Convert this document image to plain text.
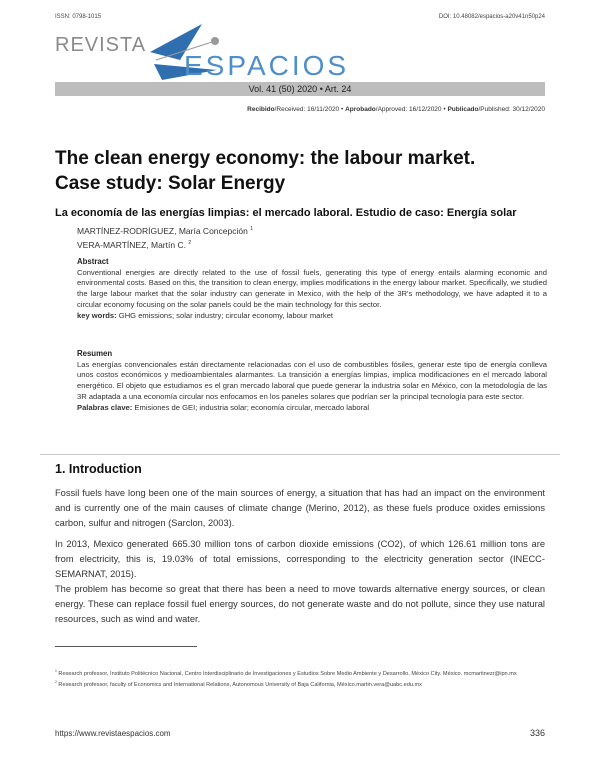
ISSN: 0798-1015	DOI: 10.48082/espacios-a20v41n50p24
REVISTA
ESPACIOS
Vol. 41 (50) 2020 • Art. 24
Recibido/Received: 16/11/2020 • Aprobado/Approved: 16/12/2020 • Publicado/Published: 30/12/2020
The clean energy economy: the labour market.
Case study: Solar Energy
La economía de las energías limpias: el mercado laboral. Estudio de caso: Energía solar
MARTÍNEZ-RODRÍGUEZ, María Concepción $^1$
VERA-MARTÍNEZ, Martín C. $^2$
Abstract

Conventional energies are directly related to the use of fossil fuels, generating this type of energy entails alarming economic and environmental costs. Based on this, the transition to clean energy, implies modifications in the energy labour market. Specifically, we studied the large labour market that the solar industry can generate in Mexico, with the help of the 3R's methodology, we have adapted it to a circular economy focusing on the solar panels could be the main technology for this sector.

key words: GHG emissions; solar industry; circular economy, labour market

Resumen

Las energías convencionales están directamente relacionadas con el uso de combustibles fósiles, generar este tipo de energía conlleva unos costos económicos y medioambientales alarmantes. La transición a energías limpias, implica modificaciones en el mercado laboral energético. El objeto que estudiamos es el gran mercado laboral que puede generar la industria solar en México, con la metodología de las 3R adaptada a una economía circular nos enfocamos en los paneles solares que podrían ser la principal tecnología para este sector.

Palabras clave: Emisiones de GEI; industria solar; economía circular, mercado laboral

1. Introduction
Fossil fuels have long been one of the main sources of energy, a situation that has had an impact on the environment and is currently one of the main causes of climate change (Merino, 2012), as these fuels produce oxides emissions carbon, sulfur and nitrogen (Sarclon, 2003).
In 2013, Mexico generated 665.30 million tons of carbon dioxide emissions (CO2), of which 126.61 million tons are from electricity, this is, 19.03% of total emissions, corresponding to the electricity generation sector (INECC-SEMARNAT, 2015).
The problem has become so great that there has been a need to move towards alternative energy sources, or clean energy. These can replace fossil fuel energy sources, do not generate waste and do not pollute, since they use natural resources, such as wind and water.

$^1$ Research professor, Instituto Politécnico Nacional, Centro Interdisciplinario de Investigaciones y Estudios Sobre Medio Ambiente y Desarrollo, México City. México. mcmartinezr@ipn.mx

$^2$ Research professor, faculty of Economics and International Relations, Autonomous University of Baja California, México.martin.vera@uabc.edu.mx

https://www.revistaespacios.com	336
